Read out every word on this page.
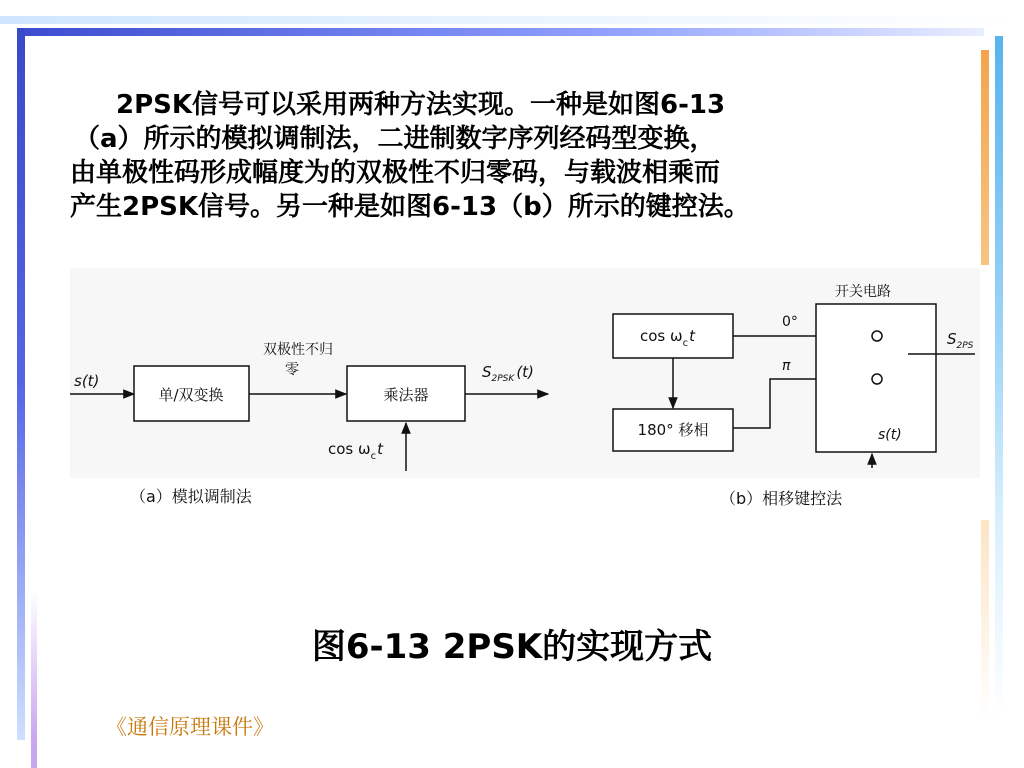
2PSK信号可以采用两种方法实现。一种是如图6-13
（a）所示的模拟调制法，二进制数字序列经码型变换，
由单极性码形成幅度为的双极性不归零码，与载波相乘而
产生2PSK信号。另一种是如图6-13（b）所示的键控法。
s(t)
单/双变换
双极性不归
零
乘法器
$S_{2PSK}$ (t)
$\cos \omega_ct$
（a）模拟调制法
$\cos \omega_ct$
180° 移相
0°
π
开关电路
$S_{2PS}$
s(t)
（b）相移键控法
图6-13 2PSK的实现方式
《通信原理课件》
